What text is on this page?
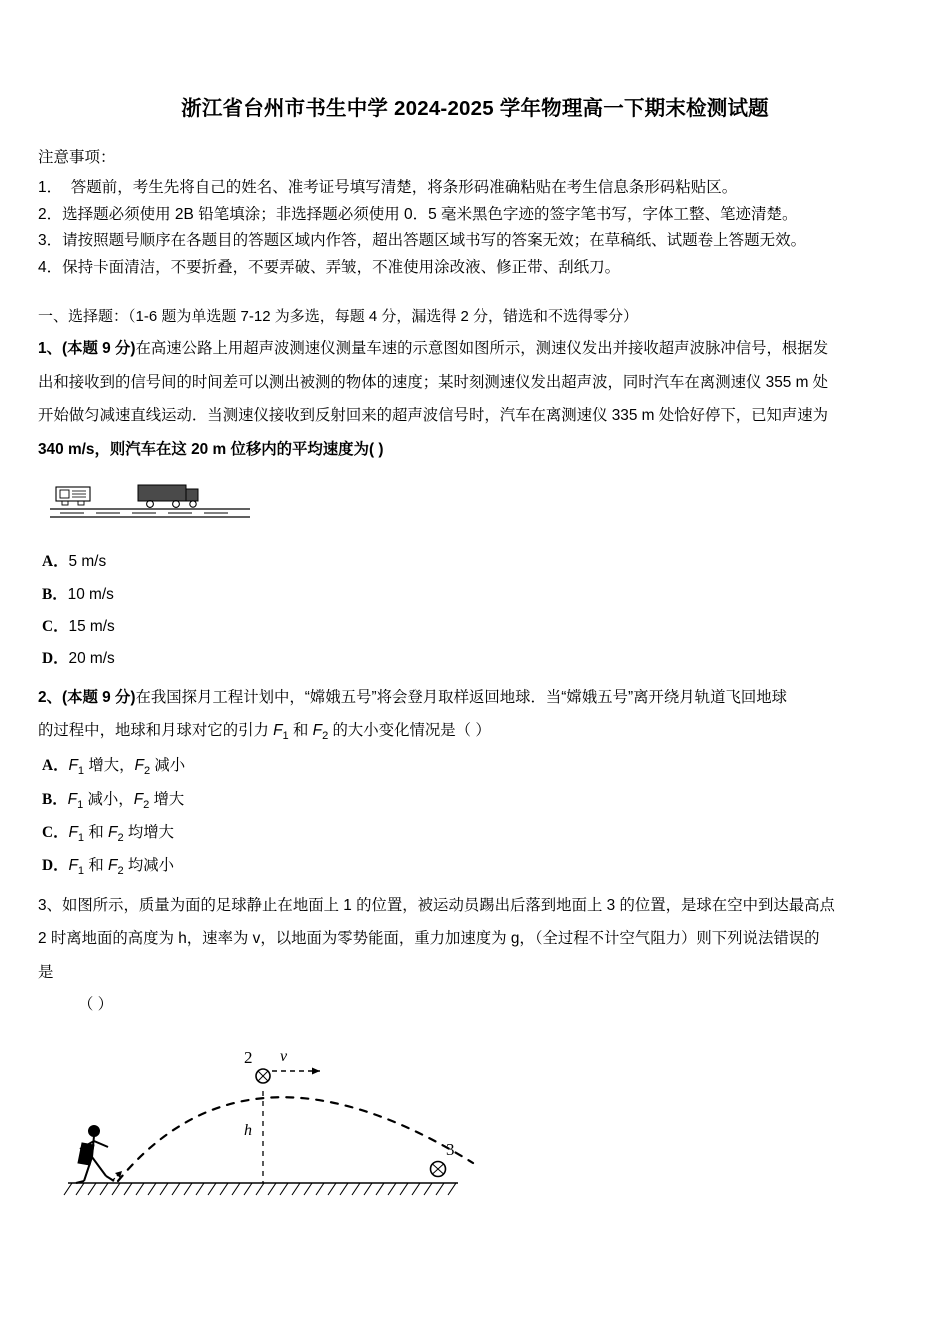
浙江省台州市书生中学 2024-2025 学年物理高一下期末检测试题
注意事项：
1．  答题前，考生先将自己的姓名、准考证号填写清楚，将条形码准确粘贴在考生信息条形码粘贴区。
2．选择题必须使用 2B 铅笔填涂；非选择题必须使用 0．5 毫米黑色字迹的签字笔书写，字体工整、笔迹清楚。
3．请按照题号顺序在各题目的答题区域内作答，超出答题区域书写的答案无效；在草稿纸、试题卷上答题无效。
4．保持卡面清洁，不要折叠，不要弄破、弄皱，不准使用涂改液、修正带、刮纸刀。
一、选择题：（1-6 题为单选题 7-12 为多选，每题 4 分，漏选得 2 分，错选和不选得零分）
1、(本题 9 分)在高速公路上用超声波测速仪测量车速的示意图如图所示，测速仪发出并接收超声波脉冲信号，根据发
出和接收到的信号间的时间差可以测出被测的物体的速度；某时刻测速仪发出超声波，同时汽车在离测速仪 355 m 处
开始做匀减速直线运动．当测速仪接收到反射回来的超声波信号时，汽车在离测速仪 335 m 处恰好停下，已知声速为
340 m/s，则汽车在这 20 m 位移内的平均速度为( )
A．5 m/s
B．10 m/s
C．15 m/s
D．20 m/s
2、(本题 9 分)在我国探月工程计划中，“嫦娥五号”将会登月取样返回地球．当“嫦娥五号”离开绕月轨道飞回地球
的过程中，地球和月球对它的引力 $F_1$ 和 $F_2$ 的大小变化情况是（ ）
A．$F_1$ 增大，$F_2$ 减小
B．$F_1$ 减小，$F_2$ 增大
C．$F_1$ 和 $F_2$ 均增大
D．$F_1$ 和 $F_2$ 均减小
3、如图所示，质量为面的足球静止在地面上 1 的位置，被运动员踢出后落到地面上 3 的位置，是球在空中到达最高点
2 时离地面的高度为 h，速率为 v，以地面为零势能面，重力加速度为 g，（全过程不计空气阻力）则下列说法错误的
是
（ ）
v
2
h
3
